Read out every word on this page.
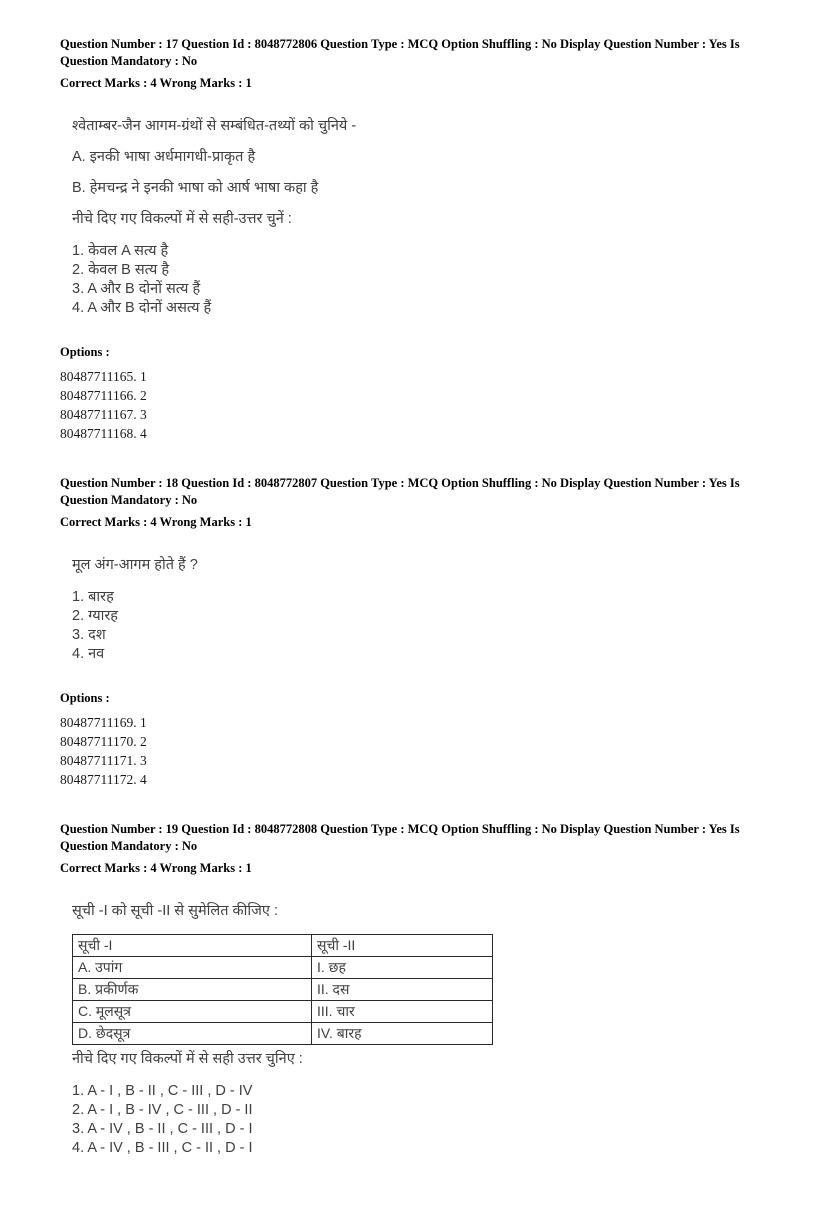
Question Number : 17 Question Id : 8048772806 Question Type : MCQ Option Shuffling : No Display Question Number : Yes Is Question Mandatory : No

Correct Marks : 4 Wrong Marks : 1

श्वेताम्बर-जैन आगम-ग्रंथों से सम्बंधित-तथ्यों को चुनिये -

A. इनकी भाषा अर्धमागधी-प्राकृत है

B. हेमचन्द्र ने इनकी भाषा को आर्ष भाषा कहा है

नीचे दिए गए विकल्पों में से सही-उत्तर चुनें :

1. केवल A सत्य है

2. केवल B सत्य है

3. A और B दोनों सत्य हैं

4. A और B दोनों असत्य हैं

Options :

80487711165. 1

80487711166. 2

80487711167. 3

80487711168. 4

Question Number : 18 Question Id : 8048772807 Question Type : MCQ Option Shuffling : No Display Question Number : Yes Is Question Mandatory : No

Correct Marks : 4 Wrong Marks : 1

मूल अंग-आगम होते हैं ?

1. बारह

2. ग्यारह

3. दश

4. नव

Options :

80487711169. 1

80487711170. 2

80487711171. 3

80487711172. 4

Question Number : 19 Question Id : 8048772808 Question Type : MCQ Option Shuffling : No Display Question Number : Yes Is Question Mandatory : No

Correct Marks : 4 Wrong Marks : 1

सूची -I को सूची -II से सुमेलित कीजिए :

सूची -I	सूची -II
A. उपांग	I. छह
B. प्रकीर्णक	II. दस
C. मूलसूत्र	III. चार
D. छेदसूत्र	IV. बारह

नीचे दिए गए विकल्पों में से सही उत्तर चुनिए :

1. A - I , B - II , C - III , D - IV

2. A - I , B - IV , C - III , D - II

3. A - IV , B - II , C - III , D - I

4. A - IV , B - III , C - II , D - I
